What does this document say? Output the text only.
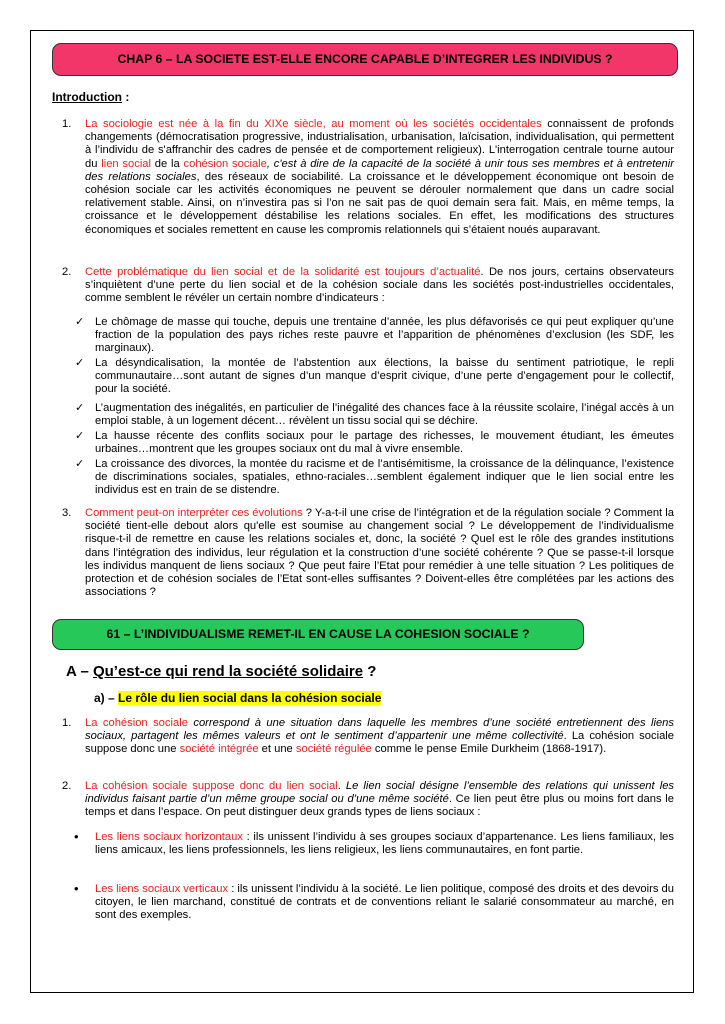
CHAP 6 – LA SOCIETE EST-ELLE ENCORE CAPABLE D’INTEGRER LES INDIVIDUS ?
Introduction :
1. La sociologie est née à la fin du XIXe siècle, au moment où les sociétés occidentales connaissent de profonds changements (démocratisation progressive, industrialisation, urbanisation, laïcisation, individualisation, qui permettent à l’individu de s'affranchir des cadres de pensée et de comportement religieux). L'interrogation centrale tourne autour du lien social de la cohésion sociale, c'est à dire de la capacité de la société à unir tous ses membres et à entretenir des relations sociales, des réseaux de sociabilité. La croissance et le développement économique ont besoin de cohésion sociale car les activités économiques ne peuvent se dérouler normalement que dans un cadre social relativement stable. Ainsi, on n’investira pas si l’on ne sait pas de quoi demain sera fait. Mais, en même temps, la croissance et le développement déstabilise les relations sociales. En effet, les modifications des structures économiques et sociales remettent en cause les compromis relationnels qui s’étaient noués auparavant.
2. Cette problématique du lien social et de la solidarité est toujours d’actualité. De nos jours, certains observateurs s’inquiètent d’une perte du lien social et de la cohésion sociale dans les sociétés post-industrielles occidentales, comme semblent le révéler un certain nombre d’indicateurs :
✓ Le chômage de masse qui touche, depuis une trentaine d’année, les plus défavorisés ce qui peut expliquer qu’une fraction de la population des pays riches reste pauvre et l’apparition de phénomènes d’exclusion (les SDF, les marginaux).
✓ La désyndicalisation, la montée de l’abstention aux élections, la baisse du sentiment patriotique, le repli communautaire…sont autant de signes d’un manque d’esprit civique, d’une perte d’engagement pour le collectif, pour la société.
✓ L’augmentation des inégalités, en particulier de l’inégalité des chances face à la réussite scolaire, l’inégal accès à un emploi stable, à un logement décent… révèlent un tissu social qui se déchire.
✓ La hausse récente des conflits sociaux pour le partage des richesses, le mouvement étudiant, les émeutes urbaines…montrent que les groupes sociaux ont du mal à vivre ensemble.
✓ La croissance des divorces, la montée du racisme et de l’antisémitisme, la croissance de la délinquance, l’existence de discriminations sociales, spatiales, ethno-raciales…semblent également indiquer que le lien social entre les individus est en train de se distendre.
3. Comment peut-on interpréter ces évolutions ? Y-a-t-il une crise de l’intégration et de la régulation sociale ? Comment la société tient-elle debout alors qu'elle est soumise au changement social ? Le développement de l’individualisme risque-t-il de remettre en cause les relations sociales et, donc, la société ? Quel est le rôle des grandes institutions dans l’intégration des individus, leur régulation et la construction d’une société cohérente ? Que se passe-t-il lorsque les individus manquent de liens sociaux ? Que peut faire l’Etat pour remédier à une telle situation ? Les politiques de protection et de cohésion sociales de l’Etat sont-elles suffisantes ? Doivent-elles être complétées par les actions des associations ?
61 – L’INDIVIDUALISME REMET-IL EN CAUSE LA COHESION SOCIALE ?
A – Qu’est-ce qui rend la société solidaire ?
a) – Le rôle du lien social dans la cohésion sociale
1. La cohésion sociale correspond à une situation dans laquelle les membres d’une société entretiennent des liens sociaux, partagent les mêmes valeurs et ont le sentiment d’appartenir une même collectivité. La cohésion sociale suppose donc une société intégrée et une société régulée comme le pense Emile Durkheim (1868-1917).
2. La cohésion sociale suppose donc du lien social. Le lien social désigne l’ensemble des relations qui unissent les individus faisant partie d’un même groupe social ou d’une même société. Ce lien peut être plus ou moins fort dans le temps et dans l’espace. On peut distinguer deux grands types de liens sociaux :
• Les liens sociaux horizontaux : ils unissent l’individu à ses groupes sociaux d’appartenance. Les liens familiaux, les liens amicaux, les liens professionnels, les liens religieux, les liens communautaires, en font partie.
• Les liens sociaux verticaux : ils unissent l’individu à la société. Le lien politique, composé des droits et des devoirs du citoyen, le lien marchand, constitué de contrats et de conventions reliant le salarié consommateur au marché, en sont des exemples.
